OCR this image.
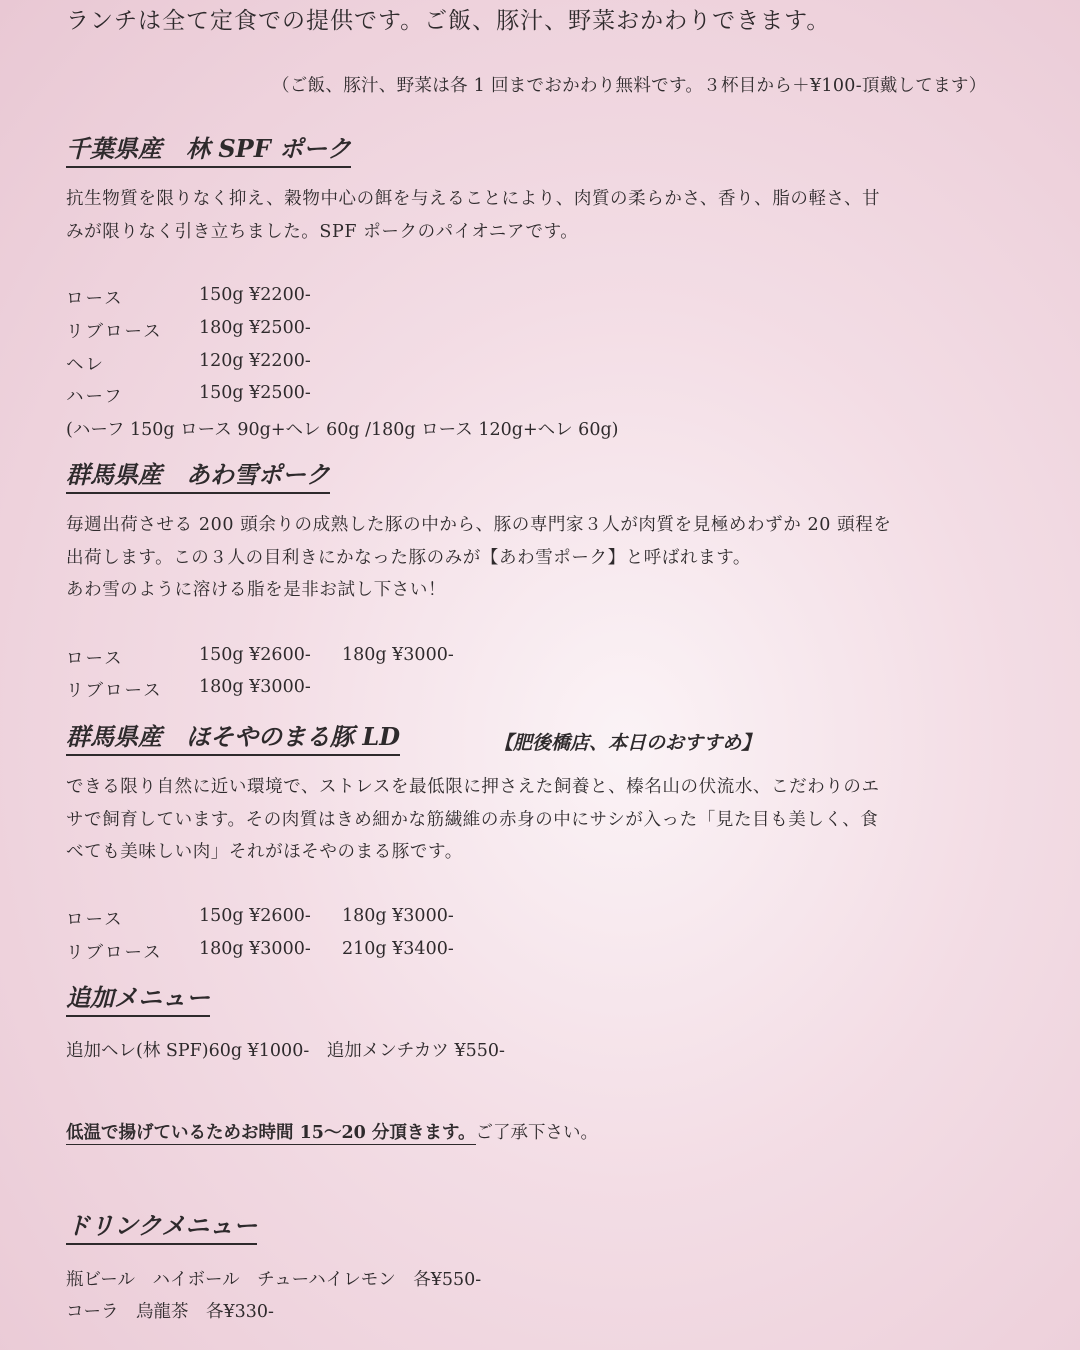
ランチは全て定食での提供です。ご飯、豚汁、野菜おかわりできます。
（ご飯、豚汁、野菜は各 1 回までおかわり無料です。３杯目から＋¥100-頂戴してます）
千葉県産　林 SPF ポーク
抗生物質を限りなく抑え、穀物中心の餌を与えることにより、肉質の柔らかさ、香り、脂の軽さ、甘
みが限りなく引き立ちました。SPF ポークのパイオニアです。
ロース	150g ¥2200-
リブロース 180g ¥2500-
ヘレ	120g ¥2200-
ハーフ	150g ¥2500-
(ハーフ 150g ロース 90g+ヘレ 60g /180g ロース 120g+ヘレ 60g)
群馬県産　あわ雪ポーク
毎週出荷させる 200 頭余りの成熟した豚の中から、豚の専門家３人が肉質を見極めわずか 20 頭程を
出荷します。この３人の目利きにかなった豚のみが【あわ雪ポーク】と呼ばれます。
あわ雪のように溶ける脂を是非お試し下さい！
ロース	150g ¥2600- 180g ¥3000-
リブロース 180g ¥3000-
群馬県産　ほそやのまる豚 LD	【肥後橋店、本日のおすすめ】
できる限り自然に近い環境で、ストレスを最低限に押さえた飼養と、榛名山の伏流水、こだわりのエ
サで飼育しています。その肉質はきめ細かな筋繊維の赤身の中にサシが入った「見た目も美しく、食
べても美味しい肉」それがほそやのまる豚です。
ロース	150g ¥2600- 180g ¥3000-
リブロース 180g ¥3000- 210g ¥3400-
追加メニュー
追加ヘレ(林 SPF)60g ¥1000-　追加メンチカツ ¥550-
低温で揚げているためお時間 15～20 分頂きます。ご了承下さい。
ドリンクメニュー
瓶ビール　ハイボール　チューハイレモン　各¥550-
コーラ　烏龍茶　各¥330-
